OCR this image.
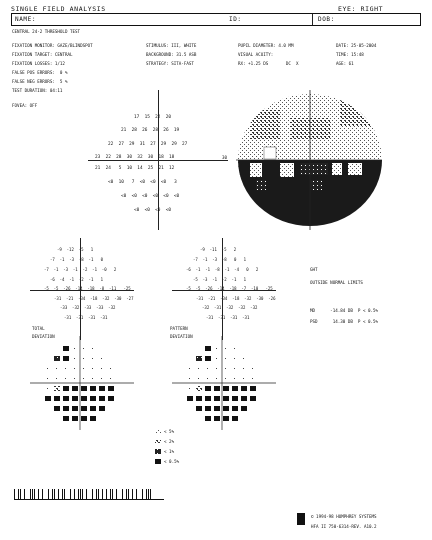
SINGLE FIELD ANALYSIS	EYE: RIGHT
NAME:	ID:	DOB:
CENTRAL 24-2 THRESHOLD TEST
FIXATION MONITOR: GAZE/BLINDSPOT
FIXATION TARGET: CENTRAL
FIXATION LOSSES: 1/12
FALSE POS ERRORS:  0 %
FALSE NEG ERRORS:  5 %
TEST DURATION: 04:11
FOVEA: OFF
STIMULUS: III, WHITE
BACKGROUND: 31.5 ASB
STRATEGY: SITA-FAST
PUPIL DIAMETER: 4.0 MM
VISUAL ACUITY:
RX: +1.25 DS       DC  X
DATE: 25-05-2004
TIME: 15:48
AGE: 61
30
17  15  22  20
21  28  26  28  26  19
22  27  29  31  27  29  29  27
23  22  28  30  32  30  18  18
21  24   5  10  14  25  21  12
<0  10   7  <0  <0  <0   3
<0  <0  <0  <0  <0  <0
<0  <0  <0  <0
-9  -12  -5   1
-7  -1  -3  -8  -1   0
-7  -1  -3  -1  -2  -1  -0   2
-6  -4  -1  -2  -1   1
-5  -5  -26  -14  -18  -8  -11   -25
-31  -21  -34  -18  -32  -30  -27
-33  -32  -33  -33  -32
-31  -31  -31  -31
-9  -11  -5   2
-7  -1  -3  -8   0   1
-6  -1  -1  -8  -1  -4   0   2
-5  -3  -1  -2  -1   1
-5  -5  -26  -14  -18  -7  -10   -25
-31  -21  -34  -18  -32  -30  -26
-32  -31  -32  -32  -32
-31  -31  -31  -31
GHT
OUTSIDE NORMAL LIMITS
MD      -14.84 DB  P < 0.5%
PSD      14.30 DB  P < 0.5%
TOTAL
DEVIATION
PATTERN
DEVIATION
< 5%
< 2%
< 1%
< 0.5%
© 1994-98 HUMPHREY SYSTEMS
HFA II 750-6314-REV. A10.2
